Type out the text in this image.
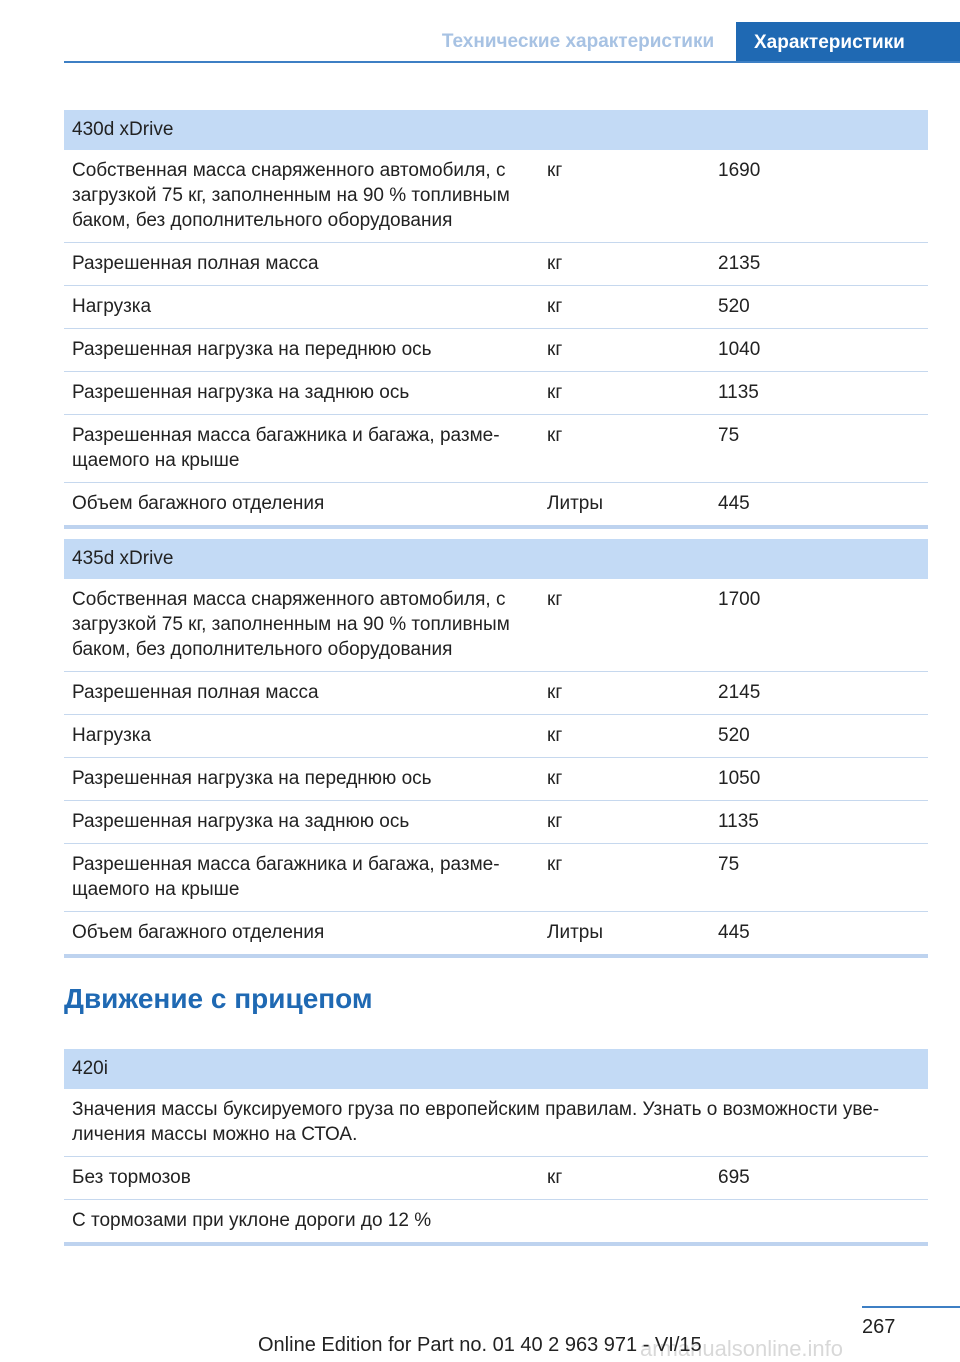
Технические характеристики	Характеристики
430d xDrive		
Собственная масса снаряженного автомобиля, с загрузкой 75 кг, заполненным на 90 % топливным баком, без дополнительного оборудования	кг	1690
Разрешенная полная масса	кг	2135
Нагрузка	кг	520
Разрешенная нагрузка на переднюю ось	кг	1040
Разрешенная нагрузка на заднюю ось	кг	1135
Разрешенная масса багажника и багажа, разме-щаемого на крыше	кг	75
Объем багажного отделения	Литры	445
435d xDrive		
Собственная масса снаряженного автомобиля, с загрузкой 75 кг, заполненным на 90 % топливным баком, без дополнительного оборудования	кг	1700
Разрешенная полная масса	кг	2145
Нагрузка	кг	520
Разрешенная нагрузка на переднюю ось	кг	1050
Разрешенная нагрузка на заднюю ось	кг	1135
Разрешенная масса багажника и багажа, разме-щаемого на крыше	кг	75
Объем багажного отделения	Литры	445
Движение с прицепом
420i		
Значения массы буксируемого груза по европейским правилам. Узнать о возможности уве-личения массы можно на СТОА.		
Без тормозов	кг	695
С тормозами при уклоне дороги до 12 %		
267
armanualsonline.info
Online Edition for Part no. 01 40 2 963 971 - VI/15
